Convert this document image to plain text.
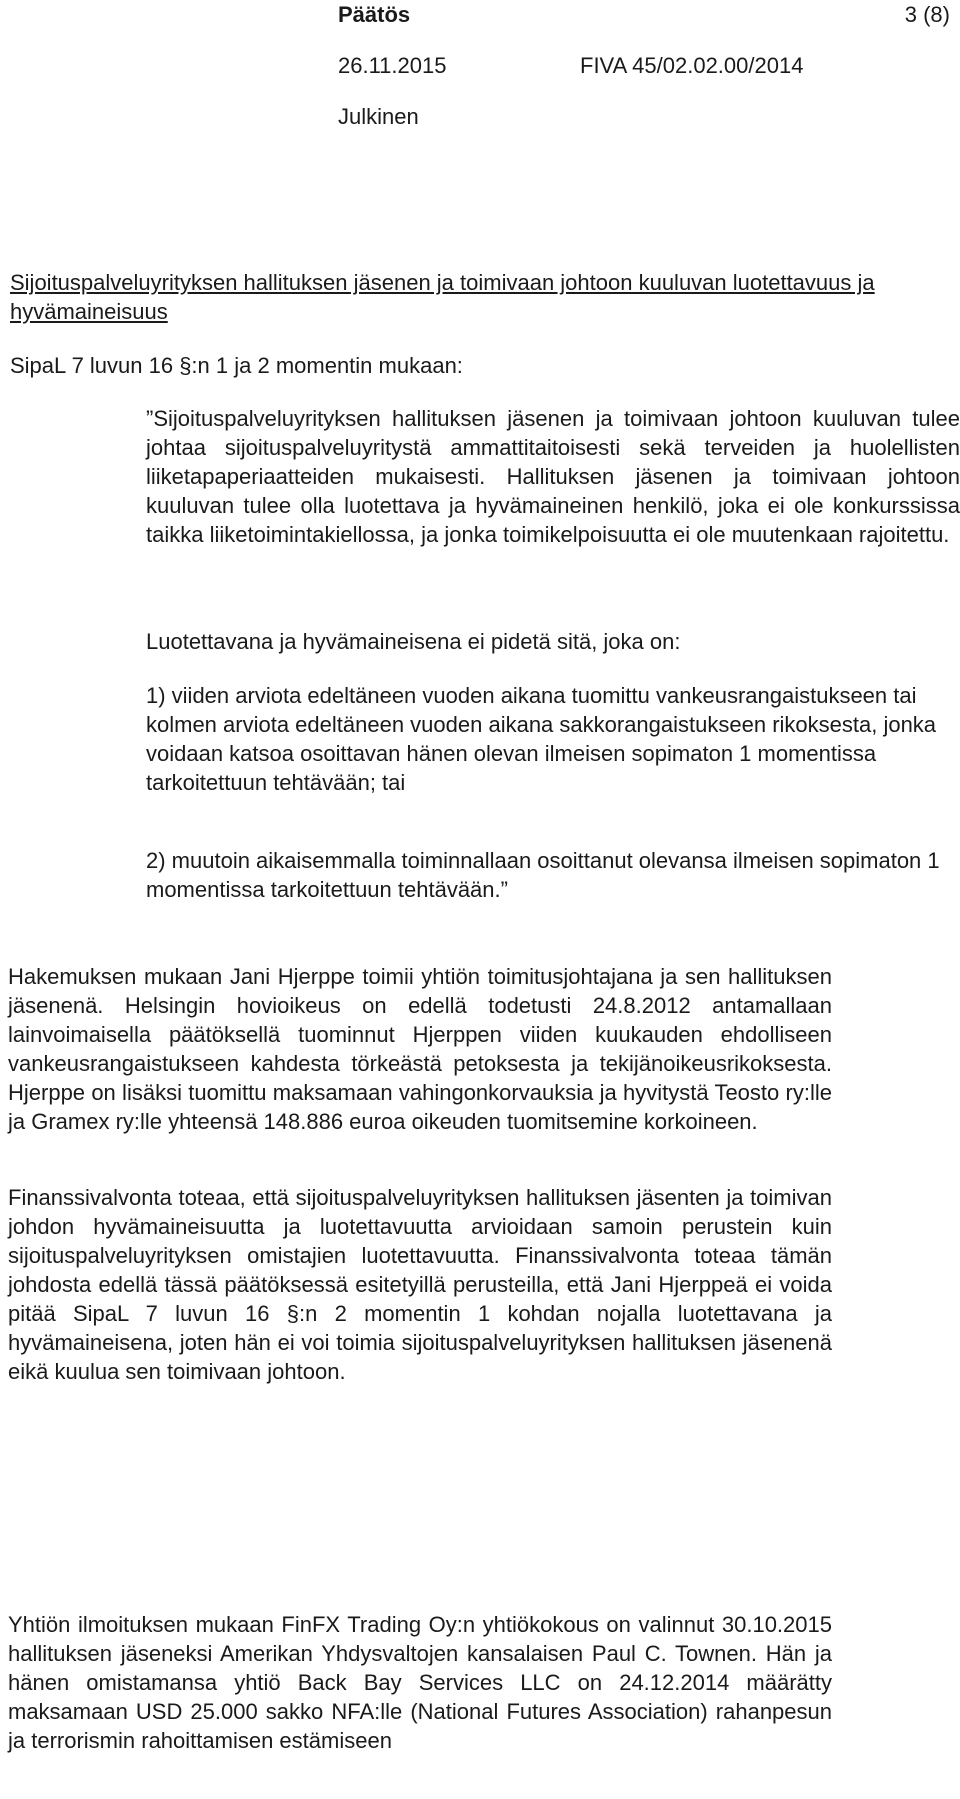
Päätös	3 (8)
26.11.2015	FIVA 45/02.02.00/2014
Julkinen
Sijoituspalveluyrityksen hallituksen jäsenen ja toimivaan johtoon kuuluvan luotettavuus ja hyvämaineisuus
SipaL 7 luvun 16 §:n 1 ja 2 momentin mukaan:

”Sijoituspalveluyrityksen hallituksen jäsenen ja toimivaan johtoon kuuluvan tulee johtaa sijoituspalveluyritystä ammattitaitoisesti sekä terveiden ja huolellisten liiketapaperiaatteiden mukaisesti. Hallituksen jäsenen ja toimivaan johtoon kuuluvan tulee olla luotettava ja hyvämaineinen henkilö, joka ei ole konkurssissa taikka liiketoimintakiellossa, ja jonka toimikelpoisuutta ei ole muutenkaan rajoitettu.

Luotettavana ja hyvämaineisena ei pidetä sitä, joka on:

1) viiden arviota edeltäneen vuoden aikana tuomittu vankeusrangaistukseen tai kolmen arviota edeltäneen vuoden aikana sakkorangaistukseen rikoksesta, jonka voidaan katsoa osoittavan hänen olevan ilmeisen sopimaton 1 momentissa tarkoitettuun tehtävään; tai

2) muutoin aikaisemmalla toiminnallaan osoittanut olevansa ilmeisen sopimaton 1 momentissa tarkoitettuun tehtävään.”

Hakemuksen mukaan Jani Hjerppe toimii yhtiön toimitusjohtajana ja sen hallituksen jäsenenä. Helsingin hovioikeus on edellä todetusti 24.8.2012 antamallaan lainvoimaisella päätöksellä tuominnut Hjerppen viiden kuukauden ehdolliseen vankeusrangaistukseen kahdesta törkeästä petoksesta ja tekijänoikeusrikoksesta. Hjerppe on lisäksi tuomittu maksamaan vahingonkorvauksia ja hyvitystä Teosto ry:lle ja Gramex ry:lle yhteensä 148.886 euroa oikeuden tuomitsemine korkoineen.
Finanssivalvonta toteaa, että sijoituspalveluyrityksen hallituksen jäsenten ja toimivan johdon hyvämaineisuutta ja luotettavuutta arvioidaan samoin perustein kuin sijoituspalveluyrityksen omistajien luotettavuutta. Finanssivalvonta toteaa tämän johdosta edellä tässä päätöksessä esitetyillä perusteilla, että Jani Hjerppeä ei voida pitää SipaL 7 luvun 16 §:n 2 momentin 1 kohdan nojalla luotettavana ja hyvämaineisena, joten hän ei voi toimia sijoituspalveluyrityksen hallituksen jäsenenä eikä kuulua sen toimivaan johtoon.
Yhtiön ilmoituksen mukaan FinFX Trading Oy:n yhtiökokous on valinnut 30.10.2015 hallituksen jäseneksi Amerikan Yhdysvaltojen kansalaisen Paul C. Townen. Hän ja hänen omistamansa yhtiö Back Bay Services LLC on 24.12.2014 määrätty maksamaan USD 25.000 sakko NFA:lle (National Futures Association) rahanpesun ja terrorismin rahoittamisen estämiseen
